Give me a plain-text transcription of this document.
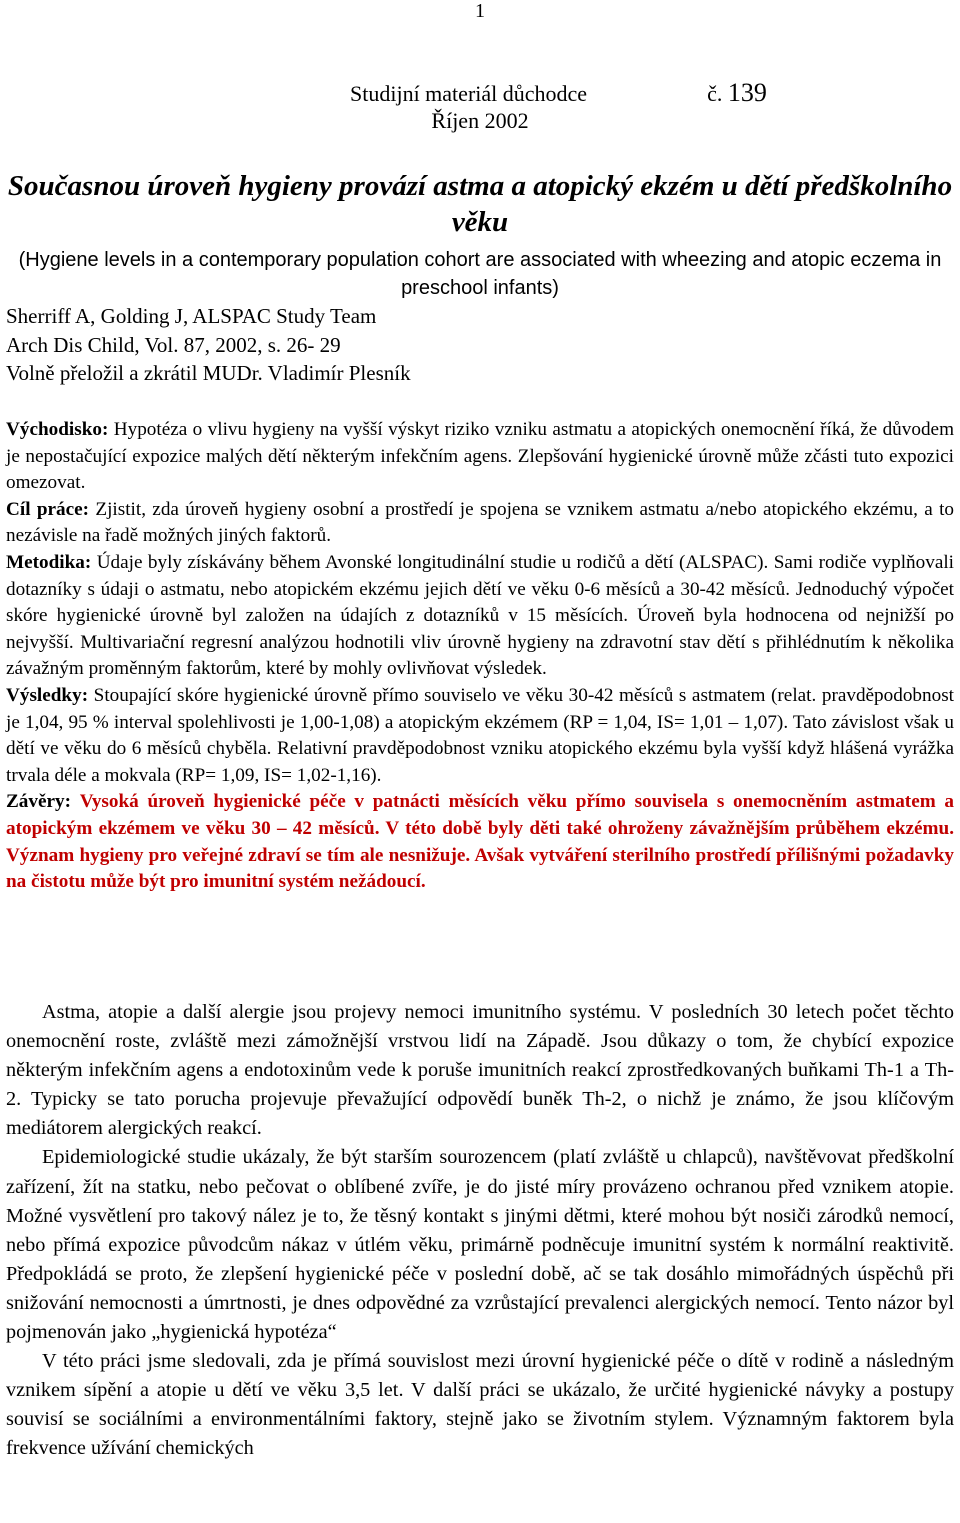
1
Studijní materiál důchodce	č. 139
Říjen 2002
Současnou úroveň hygieny provází astma a atopický ekzém u dětí předškolního věku
(Hygiene levels in a contemporary population cohort are associated with wheezing and atopic eczema in preschool infants)
Sherriff A, Golding J, ALSPAC Study Team
Arch Dis Child, Vol. 87, 2002, s. 26- 29
Volně přeložil a zkrátil MUDr. Vladimír Plesník

Východisko: Hypotéza o vlivu hygieny na vyšší výskyt riziko vzniku astmatu a atopických onemocnění říká, že důvodem je nepostačující expozice malých dětí některým infekčním agens. Zlepšování hygienické úrovně může zčásti tuto expozici omezovat.

Cíl práce: Zjistit, zda úroveň hygieny osobní a prostředí je spojena se vznikem astmatu a/nebo atopického ekzému, a to nezávisle na řadě možných jiných faktorů.

Metodika: Údaje byly získávány během Avonské longitudinální studie u rodičů a dětí (ALSPAC). Sami rodiče vyplňovali dotazníky s údaji o astmatu, nebo atopickém ekzému jejich dětí ve věku 0-6 měsíců a 30-42 měsíců. Jednoduchý výpočet skóre hygienické úrovně byl založen na údajích z dotazníků v 15 měsících. Úroveň byla hodnocena od nejnižší po nejvyšší. Multivariační regresní analýzou hodnotili vliv úrovně hygieny na zdravotní stav dětí s přihlédnutím k několika závažným proměnným faktorům, které by mohly ovlivňovat výsledek.

Výsledky: Stoupající skóre hygienické úrovně přímo souviselo ve věku 30-42 měsíců s astmatem (relat. pravděpodobnost je 1,04, 95 % interval spolehlivosti je 1,00-1,08) a atopickým ekzémem (RP = 1,04, IS= 1,01 – 1,07). Tato závislost však u dětí ve věku do 6 měsíců chyběla. Relativní pravděpodobnost vzniku atopického ekzému byla vyšší když hlášená vyrážka trvala déle a mokvala (RP= 1,09, IS= 1,02-1,16).

Závěry: Vysoká úroveň hygienické péče v patnácti měsících věku přímo souvisela s onemocněním astmatem a atopickým ekzémem ve věku 30 – 42 měsíců. V této době byly děti také ohroženy závažnějším průběhem ekzému. Význam hygieny pro veřejné zdraví se tím ale nesnižuje. Avšak vytváření sterilního prostředí přílišnými požadavky na čistotu může být pro imunitní systém nežádoucí.

Astma, atopie a další alergie jsou projevy nemoci imunitního systému. V posledních 30 letech počet těchto onemocnění roste, zvláště mezi zámožnější vrstvou lidí na Západě. Jsou důkazy o tom, že chybící expozice některým infekčním agens a endotoxinům vede k poruše imunitních reakcí zprostředkovaných buňkami Th-1 a Th-2. Typicky se tato porucha projevuje převažující odpovědí buněk Th-2, o nichž je známo, že jsou klíčovým mediátorem alergických reakcí.

Epidemiologické studie ukázaly, že být starším sourozencem (platí zvláště u chlapců), navštěvovat předškolní zařízení, žít na statku, nebo pečovat o oblíbené zvíře, je do jisté míry provázeno ochranou před vznikem atopie. Možné vysvětlení pro takový nález je to, že těsný kontakt s jinými dětmi, které mohou být nosiči zárodků nemocí, nebo přímá expozice původcům nákaz v útlém věku, primárně podněcuje imunitní systém k normální reaktivitě. Předpokládá se proto, že zlepšení hygienické péče v poslední době, ač se tak dosáhlo mimořádných úspěchů při snižování nemocnosti a úmrtnosti, je dnes odpovědné za vzrůstající prevalenci alergických nemocí. Tento názor byl pojmenován jako „hygienická hypotéza“

V této práci jsme sledovali, zda je přímá souvislost mezi úrovní hygienické péče o dítě v rodině a následným vznikem sípění a atopie u dětí ve věku 3,5 let. V další práci se ukázalo, že určité hygienické návyky a postupy souvisí se sociálními a environmentálními faktory, stejně jako se životním stylem. Významným faktorem byla frekvence užívání chemických
